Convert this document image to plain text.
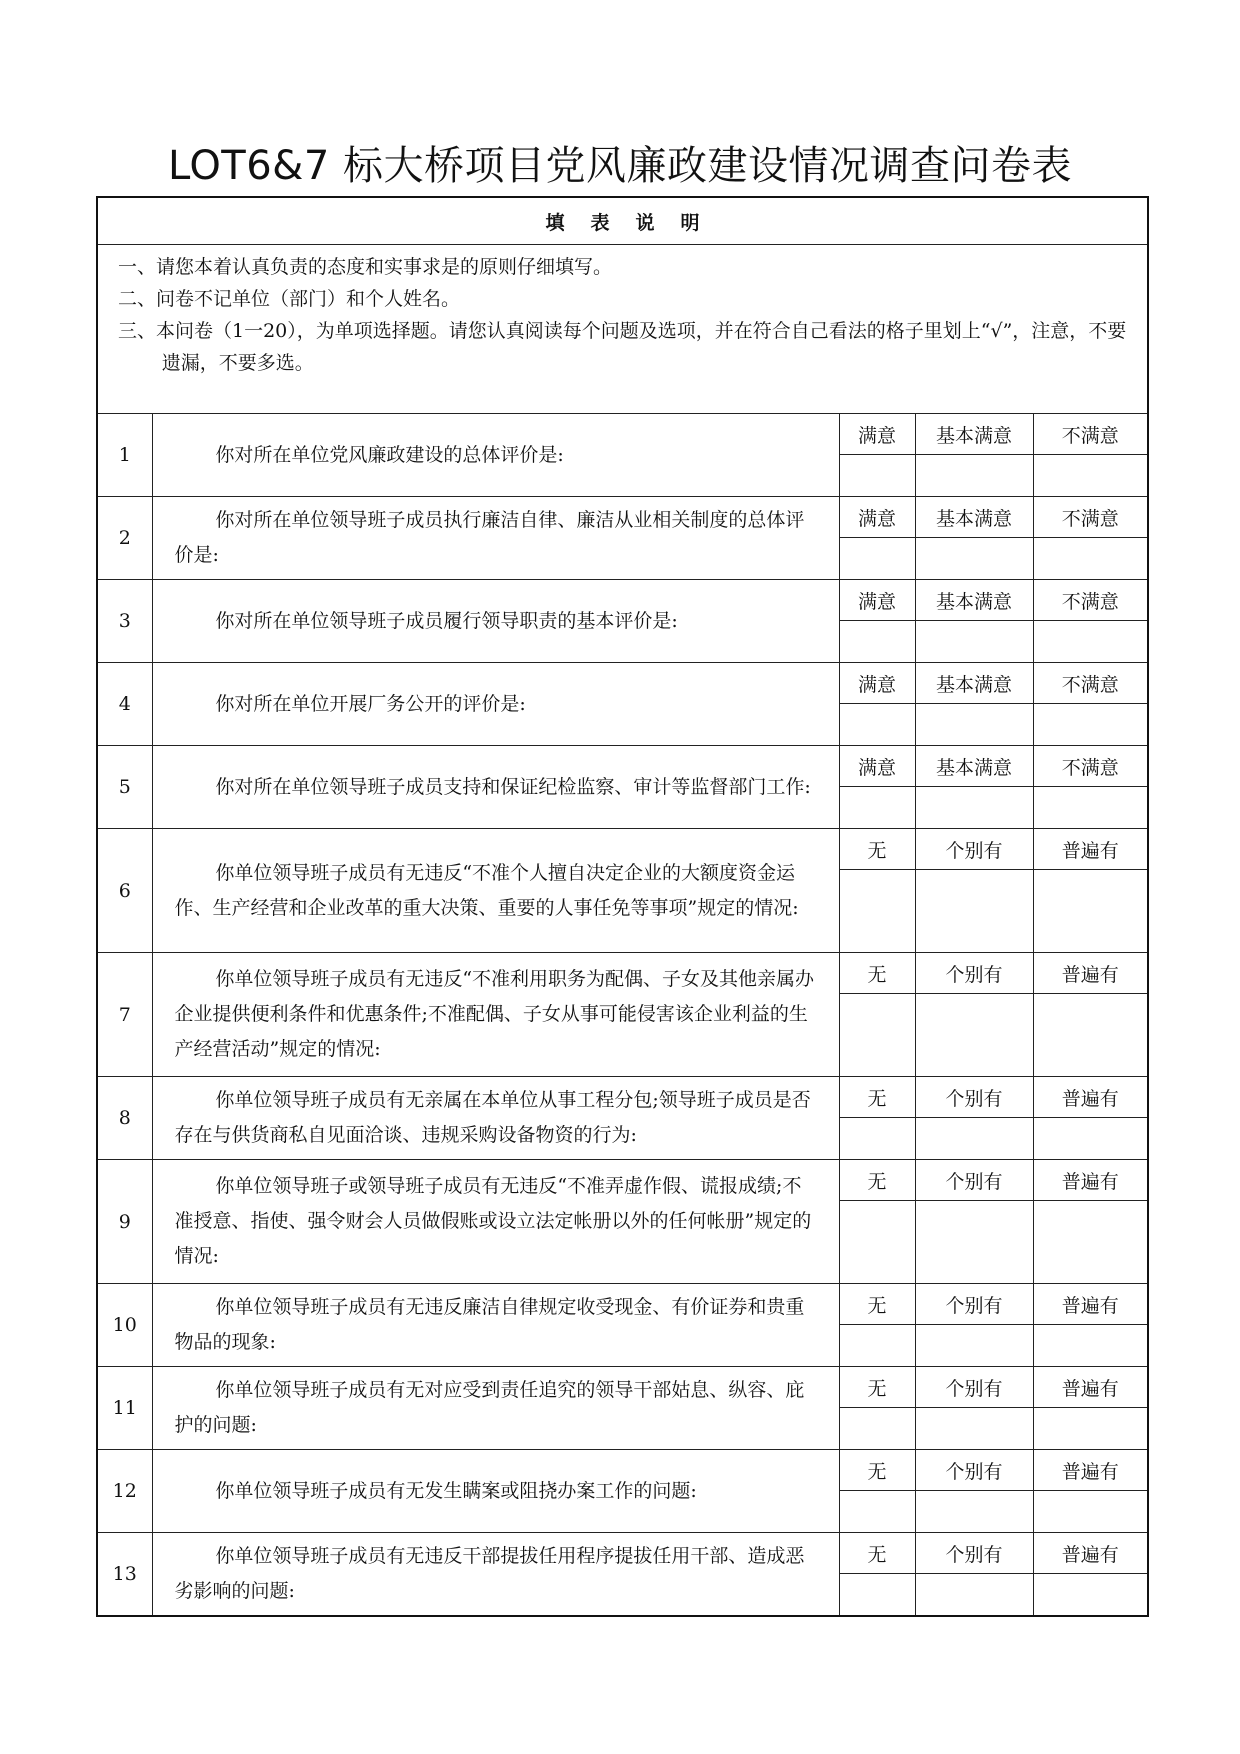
LOT6&7 标大桥项目党风廉政建设情况调查问卷表
填表说明				

一、请您本着认真负责的态度和实事求是的原则仔细填写。
二、问卷不记单位（部门）和个人姓名。
三、本问卷（1一20），为单项选择题。请您认真阅读每个问题及选项，并在符合自己看法的格子里划上“√”，注意，不要遗漏，不要多选。				

1	你对所在单位党风廉政建设的总体评价是:	满意	基本满意	不满意

2	你对所在单位领导班子成员执行廉洁自律、廉洁从业相关制度的总体评价是:	满意	基本满意	不满意

3	你对所在单位领导班子成员履行领导职责的基本评价是:	满意	基本满意	不满意

4	你对所在单位开展厂务公开的评价是:	满意	基本满意	不满意

5	你对所在单位领导班子成员支持和保证纪检监察、审计等监督部门工作:	满意	基本满意	不满意

6	你单位领导班子成员有无违反“不准个人擅自决定企业的大额度资金运作、生产经营和企业改革的重大决策、重要的人事任免等事项”规定的情况:	无	个别有	普遍有

7	你单位领导班子成员有无违反“不准利用职务为配偶、子女及其他亲属办企业提供便利条件和优惠条件;不准配偶、子女从事可能侵害该企业利益的生产经营活动”规定的情况:	无	个别有	普遍有

8	你单位领导班子成员有无亲属在本单位从事工程分包;领导班子成员是否存在与供货商私自见面洽谈、违规采购设备物资的行为:	无	个别有	普遍有

9	你单位领导班子或领导班子成员有无违反“不准弄虚作假、谎报成绩;不准授意、指使、强令财会人员做假账或设立法定帐册以外的任何帐册”规定的情况:	无	个别有	普遍有

10	你单位领导班子成员有无违反廉洁自律规定收受现金、有价证券和贵重物品的现象:	无	个别有	普遍有

11	你单位领导班子成员有无对应受到责任追究的领导干部姑息、纵容、庇护的问题:	无	个别有	普遍有

12	你单位领导班子成员有无发生瞒案或阻挠办案工作的问题:	无	个别有	普遍有

13	你单位领导班子成员有无违反干部提拔任用程序提拔任用干部、造成恶劣影响的问题:	无	个别有	普遍有
